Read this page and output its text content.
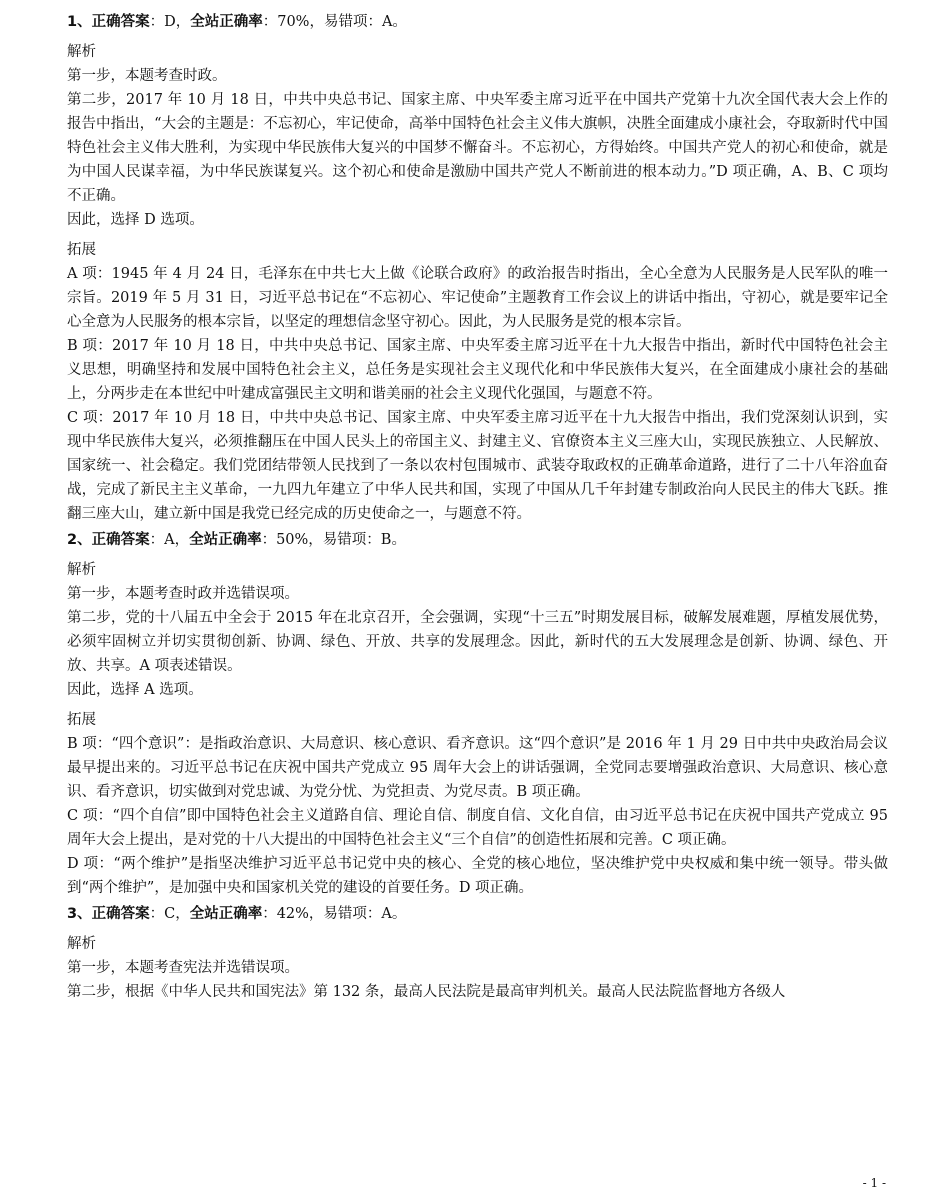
1、正确答案：D，全站正确率：70%，易错项：A。
解析

第一步，本题考查时政。

第二步，2017 年 10 月 18 日，中共中央总书记、国家主席、中央军委主席习近平在中国共产党第十九次全国代表大会上作的报告中指出，“大会的主题是：不忘初心，牢记使命，高举中国特色社会主义伟大旗帜，决胜全面建成小康社会，夺取新时代中国特色社会主义伟大胜利，为实现中华民族伟大复兴的中国梦不懈奋斗。不忘初心，方得始终。中国共产党人的初心和使命，就是为中国人民谋幸福，为中华民族谋复兴。这个初心和使命是激励中国共产党人不断前进的根本动力。”D 项正确，A、B、C 项均不正确。

因此，选择 D 选项。

拓展

A 项：1945 年 4 月 24 日，毛泽东在中共七大上做《论联合政府》的政治报告时指出，全心全意为人民服务是人民军队的唯一宗旨。2019 年 5 月 31 日，习近平总书记在“不忘初心、牢记使命”主题教育工作会议上的讲话中指出，守初心，就是要牢记全心全意为人民服务的根本宗旨，以坚定的理想信念坚守初心。因此，为人民服务是党的根本宗旨。

B 项：2017 年 10 月 18 日，中共中央总书记、国家主席、中央军委主席习近平在十九大报告中指出，新时代中国特色社会主义思想，明确坚持和发展中国特色社会主义，总任务是实现社会主义现代化和中华民族伟大复兴，在全面建成小康社会的基础上，分两步走在本世纪中叶建成富强民主文明和谐美丽的社会主义现代化强国，与题意不符。

C 项：2017 年 10 月 18 日，中共中央总书记、国家主席、中央军委主席习近平在十九大报告中指出，我们党深刻认识到，实现中华民族伟大复兴，必须推翻压在中国人民头上的帝国主义、封建主义、官僚资本主义三座大山，实现民族独立、人民解放、国家统一、社会稳定。我们党团结带领人民找到了一条以农村包围城市、武装夺取政权的正确革命道路，进行了二十八年浴血奋战，完成了新民主主义革命，一九四九年建立了中华人民共和国，实现了中国从几千年封建专制政治向人民民主的伟大飞跃。推翻三座大山，建立新中国是我党已经完成的历史使命之一，与题意不符。

2、正确答案：A，全站正确率：50%，易错项：B。
解析

第一步，本题考查时政并选错误项。

第二步，党的十八届五中全会于 2015 年在北京召开，全会强调，实现“十三五”时期发展目标，破解发展难题，厚植发展优势，必须牢固树立并切实贯彻创新、协调、绿色、开放、共享的发展理念。因此，新时代的五大发展理念是创新、协调、绿色、开放、共享。A 项表述错误。

因此，选择 A 选项。

拓展

B 项：“四个意识”：是指政治意识、大局意识、核心意识、看齐意识。这“四个意识”是 2016 年 1 月 29 日中共中央政治局会议最早提出来的。习近平总书记在庆祝中国共产党成立 95 周年大会上的讲话强调，全党同志要增强政治意识、大局意识、核心意识、看齐意识，切实做到对党忠诚、为党分忧、为党担责、为党尽责。B 项正确。

C 项：“四个自信”即中国特色社会主义道路自信、理论自信、制度自信、文化自信，由习近平总书记在庆祝中国共产党成立 95 周年大会上提出，是对党的十八大提出的中国特色社会主义“三个自信”的创造性拓展和完善。C 项正确。

D 项：“两个维护”是指坚决维护习近平总书记党中央的核心、全党的核心地位，坚决维护党中央权威和集中统一领导。带头做到“两个维护”，是加强中央和国家机关党的建设的首要任务。D 项正确。

3、正确答案：C，全站正确率：42%，易错项：A。
解析

第一步，本题考查宪法并选错误项。

第二步，根据《中华人民共和国宪法》第 132 条，最高人民法院是最高审判机关。最高人民法院监督地方各级人

- 1 -
